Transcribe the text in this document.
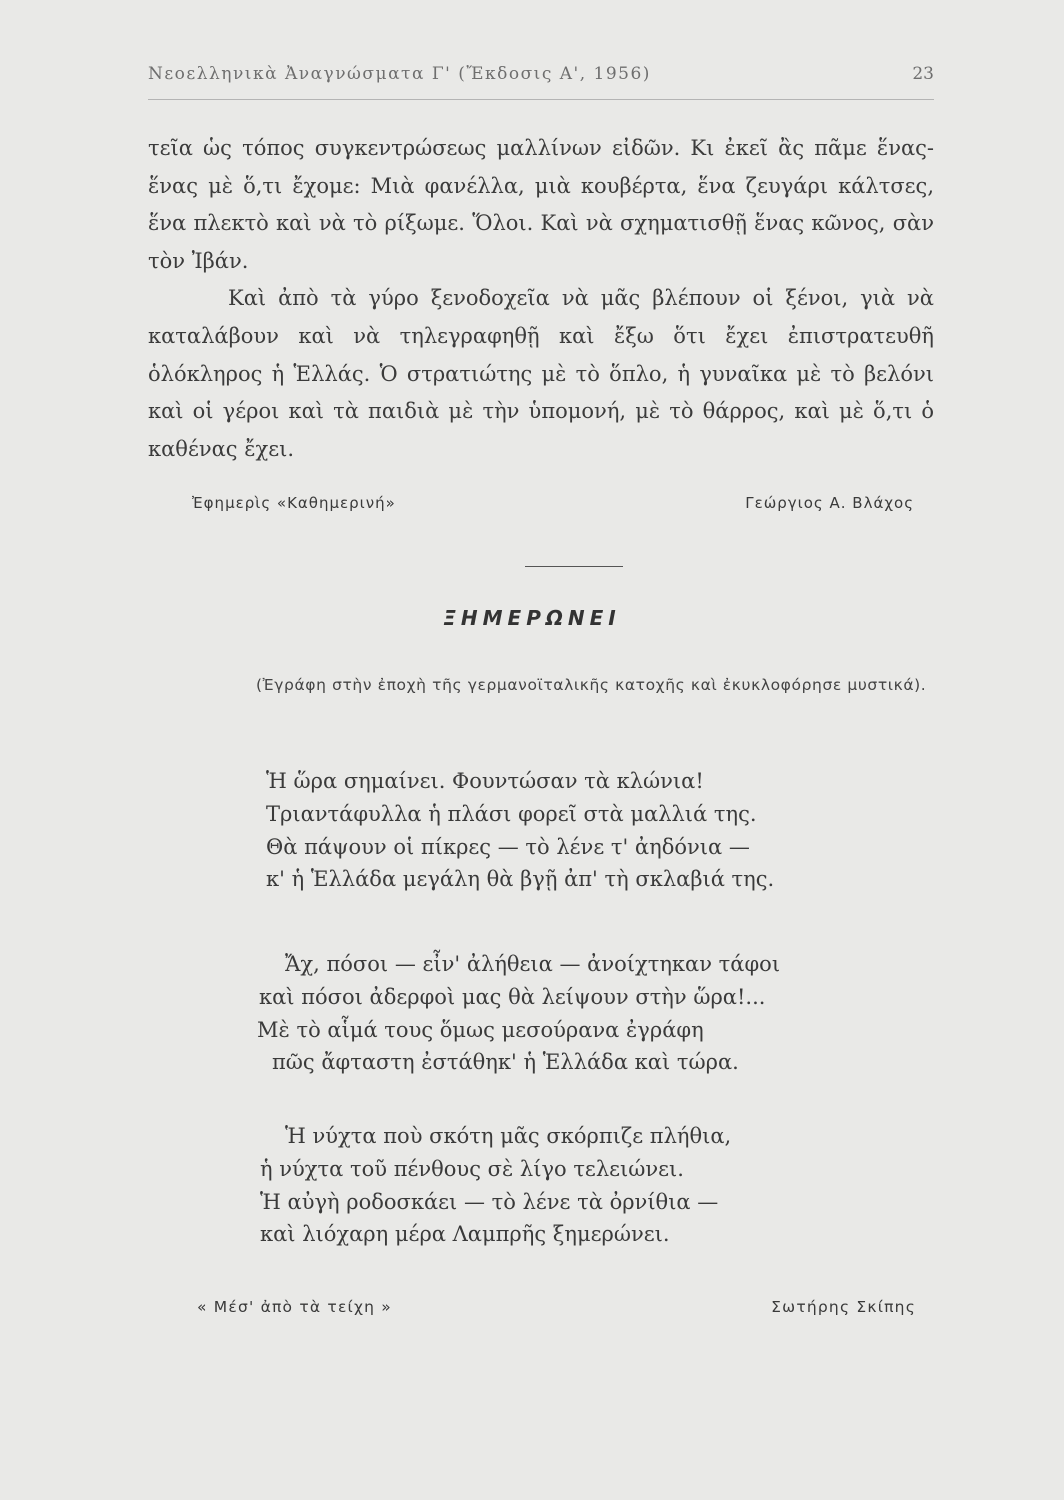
Νεοελληνικὰ Ἀναγνώσματα Γ' (Ἔκδοσις Α', 1956)	23

τεῖα ὡς τόπος συγκεντρώσεως μαλλίνων εἰδῶν. Κι ἐκεῖ ἂς πᾶμε ἕνας-ἕνας μὲ ὅ,τι ἔχομε: Μιὰ φανέλλα, μιὰ κουβέρτα, ἕνα ζευγάρι κάλτσες, ἕνα πλεκτὸ καὶ νὰ τὸ ρίξωμε. Ὅλοι. Καὶ νὰ σχηματισθῇ ἕνας κῶνος, σὰν τὸν Ἰβάν.

Καὶ ἀπὸ τὰ γύρο ξενοδοχεῖα νὰ μᾶς βλέπουν οἱ ξένοι, γιὰ νὰ καταλάβουν καὶ νὰ τηλεγραφηθῇ καὶ ἔξω ὅτι ἔχει ἐπιστρατευθῆ ὁλόκληρος ἡ Ἑλλάς. Ὁ στρατιώτης μὲ τὸ ὅπλο, ἡ γυναῖκα μὲ τὸ βελόνι καὶ οἱ γέροι καὶ τὰ παιδιὰ μὲ τὴν ὑπομονή, μὲ τὸ θάρρος, καὶ μὲ ὅ,τι ὁ καθένας ἔχει.

Ἐφημερὶς «Καθημερινή»	Γεώργιος Α. Βλάχος
ΞΗΜΕΡΩΝΕΙ
(Ἐγράφη στὴν ἐποχὴ τῆς γερμανοϊταλικῆς κατοχῆς καὶ ἐκυκλοφόρησε μυστικά).
Ἡ ὥρα σημαίνει. Φουντώσαν τὰ κλώνια!
Τριαντάφυλλα ἡ πλάσι φορεῖ στὰ μαλλιά της.
Θὰ πάψουν οἱ πίκρες — τὸ λένε τ' ἀηδόνια —
κ' ἡ Ἑλλάδα μεγάλη θὰ βγῇ ἀπ' τὴ σκλαβιά της.
Ἄχ, πόσοι — εἶν' ἀλήθεια — ἀνοίχτηκαν τάφοι
καὶ πόσοι ἀδερφοὶ μας θὰ λείψουν στὴν ὥρα!...
Μὲ τὸ αἷμά τους ὅμως μεσούρανα ἐγράφη
πῶς ἄφταστη ἐστάθηκ' ἡ Ἑλλάδα καὶ τώρα.
Ἡ νύχτα ποὺ σκότη μᾶς σκόρπιζε πλήθια,
ἡ νύχτα τοῦ πένθους σὲ λίγο τελειώνει.
Ἡ αὐγὴ ροδοσκάει — τὸ λένε τὰ ὀρνίθια —
καὶ λιόχαρη μέρα Λαμπρῆς ξημερώνει.
« Μέσ' ἀπὸ τὰ τείχη »	Σωτήρης Σκίπης
